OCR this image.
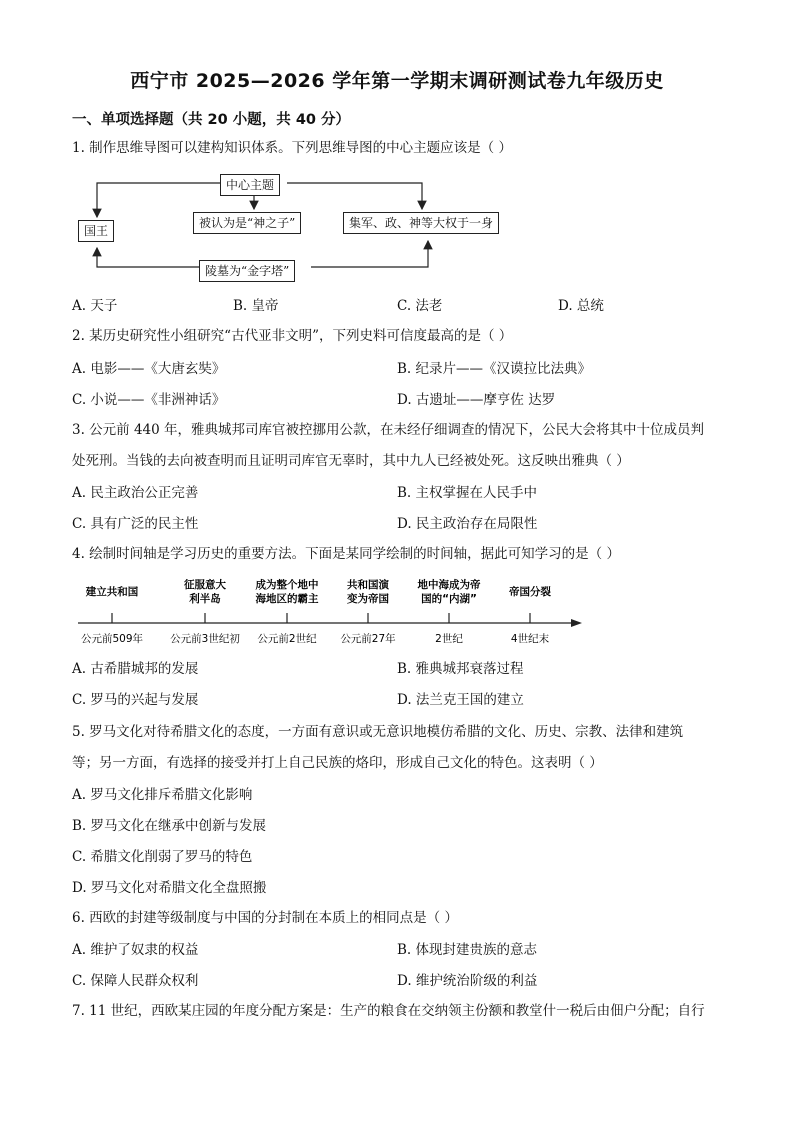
西宁市 2025—2026 学年第一学期末调研测试卷九年级历史
一、单项选择题（共 20 小题，共 40 分）
1. 制作思维导图可以建构知识体系。下列思维导图的中心主题应该是（ ）
中心主题
国王
被认为是“神之子”	集军、政、神等大权于一身
陵墓为“金字塔”
A. 天子	B. 皇帝	C. 法老	D. 总统
2. 某历史研究性小组研究“古代亚非文明”，下列史料可信度最高的是（ ）
A. 电影——《大唐玄奘》	B. 纪录片——《汉谟拉比法典》
C. 小说——《非洲神话》	D. 古遗址——摩亨佐 达罗
3. 公元前 440 年，雅典城邦司库官被控挪用公款，在未经仔细调查的情况下，公民大会将其中十位成员判
处死刑。当钱的去向被查明而且证明司库官无辜时，其中九人已经被处死。这反映出雅典（ ）
A. 民主政治公正完善	B. 主权掌握在人民手中
C. 具有广泛的民主性	D. 民主政治存在局限性
4. 绘制时间轴是学习历史的重要方法。下面是某同学绘制的时间轴，据此可知学习的是（ ）
建立共和国
公元前509年
征服意大利半岛
公元前3世纪初
成为整个地中海地区的霸主
公元前2世纪
共和国演变为帝国
公元前27年
地中海成为帝国的“内湖”
2世纪
帝国分裂
4世纪末
A. 古希腊城邦的发展	B. 雅典城邦衰落过程
C. 罗马的兴起与发展	D. 法兰克王国的建立
5. 罗马文化对待希腊文化的态度，一方面有意识或无意识地模仿希腊的文化、历史、宗教、法律和建筑
等；另一方面，有选择的接受并打上自己民族的烙印，形成自己文化的特色。这表明（ ）
A. 罗马文化排斥希腊文化影响
B. 罗马文化在继承中创新与发展
C. 希腊文化削弱了罗马的特色
D. 罗马文化对希腊文化全盘照搬
6. 西欧的封建等级制度与中国的分封制在本质上的相同点是（ ）
A. 维护了奴隶的权益	B. 体现封建贵族的意志
C. 保障人民群众权利	D. 维护统治阶级的利益
7. 11 世纪，西欧某庄园的年度分配方案是：生产的粮食在交纳领主份额和教堂什一税后由佃户分配；自行
